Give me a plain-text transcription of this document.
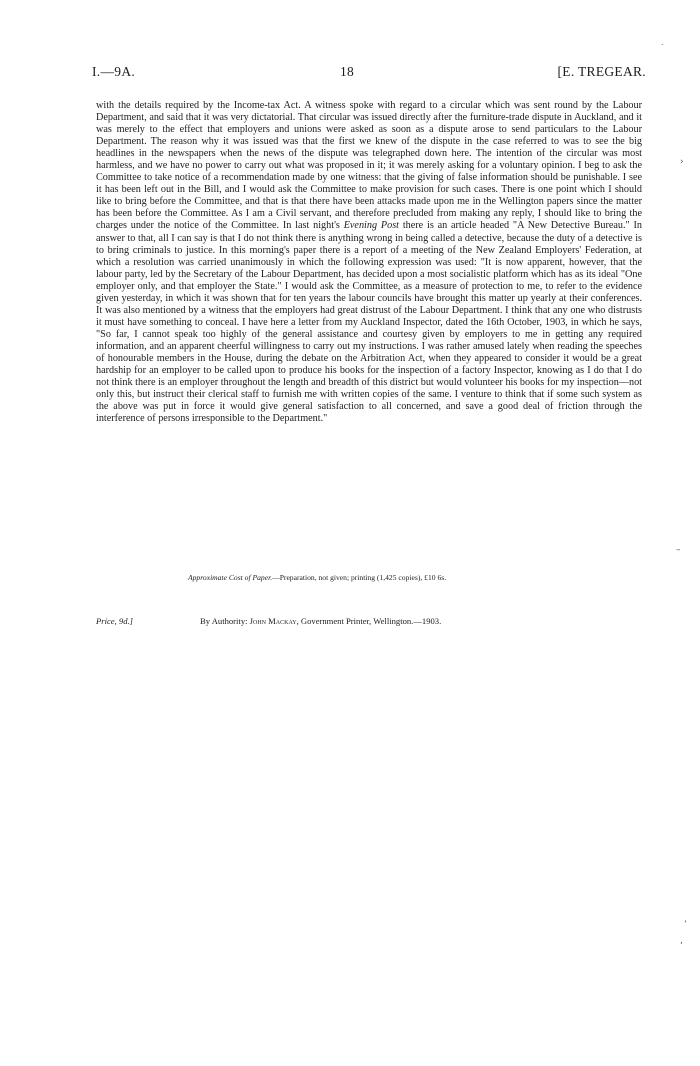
I.—9A.	18	[E. TREGEAR.
with the details required by the Income-tax Act. A witness spoke with regard to a circular which was sent round by the Labour Department, and said that it was very dictatorial. That circular was issued directly after the furniture-trade dispute in Auckland, and it was merely to the effect that employers and unions were asked as soon as a dispute arose to send particulars to the Labour Department. The reason why it was issued was that the first we knew of the dispute in the case referred to was to see the big headlines in the newspapers when the news of the dispute was telegraphed down here. The intention of the circular was most harmless, and we have no power to carry out what was proposed in it; it was merely asking for a voluntary opinion. I beg to ask the Committee to take notice of a recommendation made by one witness: that the giving of false information should be punishable. I see it has been left out in the Bill, and I would ask the Committee to make provision for such cases. There is one point which I should like to bring before the Committee, and that is that there have been attacks made upon me in the Wellington papers since the matter has been before the Committee. As I am a Civil servant, and therefore precluded from making any reply, I should like to bring the charges under the notice of the Committee. In last night's Evening Post there is an article headed "A New Detective Bureau." In answer to that, all I can say is that I do not think there is anything wrong in being called a detective, because the duty of a detective is to bring criminals to justice. In this morning's paper there is a report of a meeting of the New Zealand Employers' Federation, at which a resolution was carried unanimously in which the following expression was used: "It is now apparent, however, that the labour party, led by the Secretary of the Labour Department, has decided upon a most socialistic platform which has as its ideal "One employer only, and that employer the State." I would ask the Committee, as a measure of protection to me, to refer to the evidence given yesterday, in which it was shown that for ten years the labour councils have brought this matter up yearly at their conferences. It was also mentioned by a witness that the employers had great distrust of the Labour Department. I think that any one who distrusts it must have something to conceal. I have here a letter from my Auckland Inspector, dated the 16th October, 1903, in which he says, "So far, I cannot speak too highly of the general assistance and courtesy given by employers to me in getting any required information, and an apparent cheerful willingness to carry out my instructions. I was rather amused lately when reading the speeches of honourable members in the House, during the debate on the Arbitration Act, when they appeared to consider it would be a great hardship for an employer to be called upon to produce his books for the inspection of a factory Inspector, knowing as I do that I do not think there is an employer throughout the length and breadth of this district but would volunteer his books for my inspection—not only this, but instruct their clerical staff to furnish me with written copies of the same. I venture to think that if some such system as the above was put in force it would give general satisfaction to all concerned, and save a good deal of friction through the interference of persons irresponsible to the Department."
Approximate Cost of Paper.—Preparation, not given; printing (1,425 copies), £10 6s.
Price, 9d.]	By Authority: John Mackay, Government Printer, Wellington.—1903.
˙
›
–
ʼ
,
